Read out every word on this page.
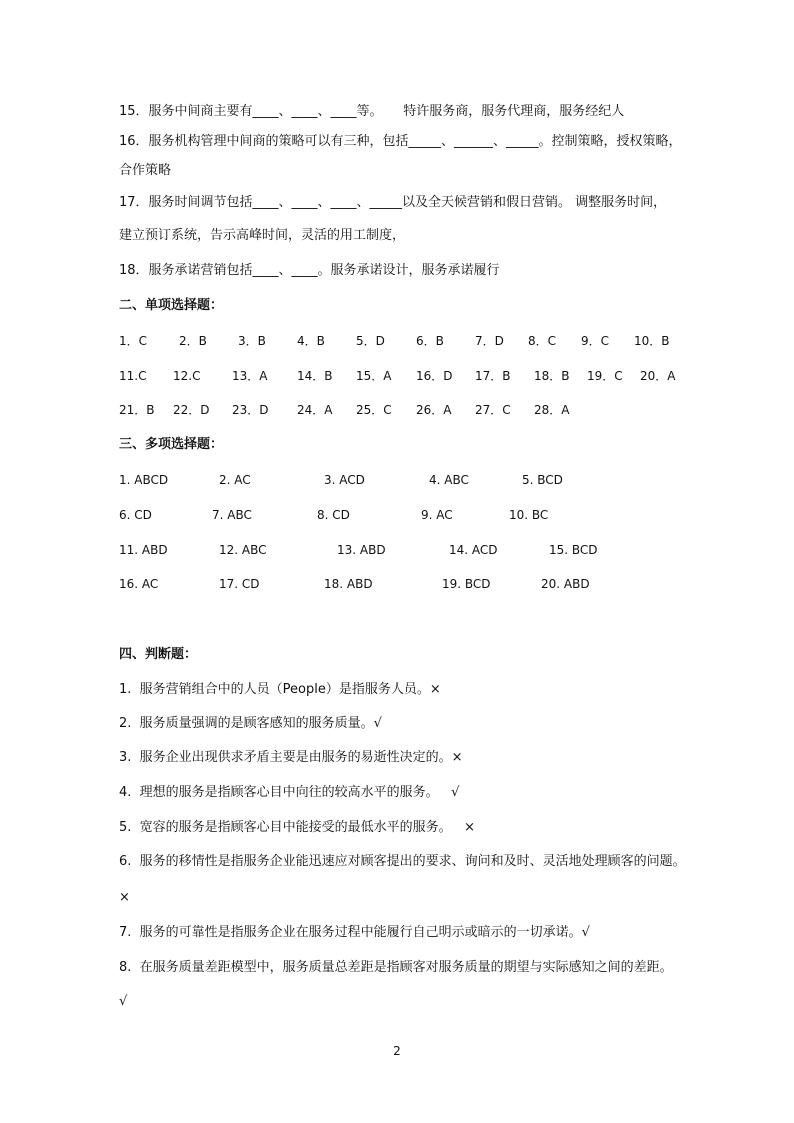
15．服务中间商主要有____、____、____等。     特许服务商，服务代理商，服务经纪人
16．服务机构管理中间商的策略可以有三种，包括_____、______、_____。控制策略，授权策略，
合作策略
17．服务时间调节包括____、____、____、_____以及全天候营销和假日营销。 调整服务时间，
建立预订系统，告示高峰时间，灵活的用工制度，
18．服务承诺营销包括____、____。服务承诺设计，服务承诺履行
二、单项选择题：
1．C	2．B	3．B	4．B	5．D	6．B	7．D 8．C 9．C 10．B
11.C 12.C	13．A 14．B 15．A 16．D 17．B 18．B 19．C 20．A
21．B 22．D 23．D 24．A 25．C 26．A 27．C 28．A
三、多项选择题：
1. ABCD	2. AC	3. ACD	4. ABC	5. BCD
6. CD	7. ABC	8. CD	9. AC	10. BC
11. ABD	12. ABC	13. ABD	14. ACD	15. BCD
16. AC	17. CD	18. ABD	19. BCD	20. ABD
四、判断题：
1.  服务营销组合中的人员（People）是指服务人员。×
2.  服务质量强调的是顾客感知的服务质量。√
3.  服务企业出现供求矛盾主要是由服务的易逝性决定的。×
4.  理想的服务是指顾客心目中向往的较高水平的服务。   √
5.  宽容的服务是指顾客心目中能接受的最低水平的服务。   ×
6.  服务的移情性是指服务企业能迅速应对顾客提出的要求、询问和及时、灵活地处理顾客的问题。
×
7.  服务的可靠性是指服务企业在服务过程中能履行自己明示或暗示的一切承诺。√
8.  在服务质量差距模型中，服务质量总差距是指顾客对服务质量的期望与实际感知之间的差距。
√
2
